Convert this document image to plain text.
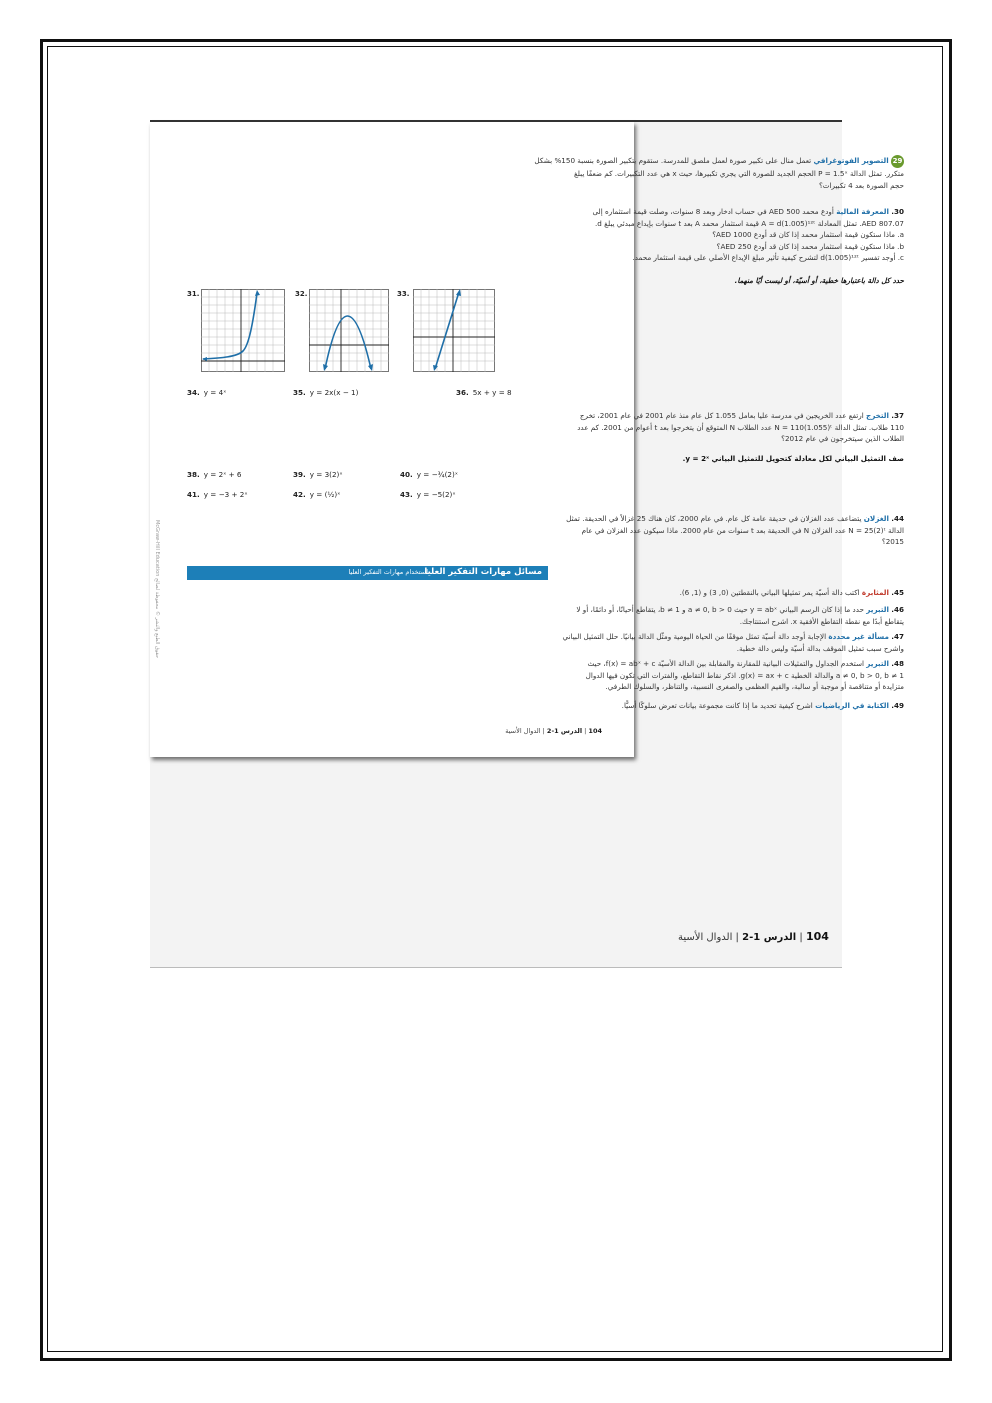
29 التصوير الفوتوغرافي تعمل منال على تكبير صورة لعمل ملصق للمدرسة. ستقوم بتكبير الصورة بنسبة 150% بشكل
متكرر. تمثل الدالة P = 1.5ˣ الحجم الجديد للصورة التي يجري تكبيرها، حيث x هي عدد التكبيرات. كم ضعفًا يبلغ
حجم الصورة بعد 4 تكبيرات؟
30. المعرفة المالية أودع محمد AED 500 في حساب ادخار وبعد 8 سنوات، وصلت قيمة استثماره إلى
AED 807.07. تمثل المعادلة A = d(1.005)¹²ᵗ قيمة استثمار محمد A بعد t سنوات بإيداع مبدئي يبلغ d.
a. ماذا ستكون قيمة استثمار محمد إذا كان قد أودع AED 1000؟
b. ماذا ستكون قيمة استثمار محمد إذا كان قد أودع AED 250؟
c. أوجد تفسير d(1.005)¹²ᵗ لتشرح كيفية تأثير مبلغ الإيداع الأصلي على قيمة استثمار محمد.
حدد كل دالة باعتبارها خطية، أو أسيّة، أو ليست أيًا منهما.
31.	32.	33.
34. y = 4ˣ	35. y = 2x(x − 1)	36. 5x + y = 8
37. التخرج ارتفع عدد الخريجين في مدرسة عليا بعامل 1.055 كل عام منذ عام 2001 في عام 2001، تخرج
110 طلاب. تمثل الدالة N = 110(1.055)ᵗ عدد الطلاب N المتوقع أن يتخرجوا بعد t أعوام من 2001. كم عدد
الطلاب الذين سيتخرجون في عام 2012؟
صف التمثيل البياني لكل معادلة كتحويل للتمثيل البياني y = 2ˣ.
38. y = 2ˣ + 6	39. y = 3(2)ˣ	40. y = −¾(2)ˣ
41. y = −3 + 2ˣ	42. y = (½)ˣ	43. y = −5(2)ˣ
44. الغزلان يتضاعف عدد الغزلان في حديقة عامة كل عام. في عام 2000، كان هناك 25 غزالاً في الحديقة. تمثل
الدالة N = 25(2)ᵗ عدد الغزلان N في الحديقة بعد t سنوات من عام 2000. ماذا سيكون عدد الغزلان في عام
2015؟
McGraw-Hill Education حقوق الطبع والنشر © محفوظة لصالح
مسائل مهارات التفكير العليا
استخدام مهارات التفكير العليا
45. المثابرة اكتب دالة أسيّة يمر تمثيلها البياني بالنقطتين (0, 3) و (1, 6).
46. التبرير حدد ما إذا كان الرسم البياني y = abˣ حيث a ≠ 0, b > 0 و b ≠ 1، يتقاطع أحيانًا، أو دائمًا، أو لا
يتقاطع أبدًا مع نقطة التقاطع الأفقية x. اشرح استنتاجك.
47. مسألة غير محددة الإجابة أوجد دالة أسيّة تمثل موقفًا من الحياة اليومية ومثّل الدالة بيانيًا. حلل التمثيل البياني
واشرح سبب تمثيل الموقف بدالة أسيّة وليس دالة خطية.
48. التبرير استخدم الجداول والتمثيلات البيانية للمقارنة والمقابلة بين الدالة الأسيّة f(x) = abˣ + c، حيث
a ≠ 0, b > 0, b ≠ 1 والدالة الخطية g(x) = ax + c. اذكر نقاط التقاطع، والفترات التي تكون فيها الدوال
متزايدة أو متناقصة أو موجبة أو سالبة، والقيم العظمى والصغرى النسبية، والتناظر، والسلوك الطرفي.
49. الكتابة في الرياضيات اشرح كيفية تحديد ما إذا كانت مجموعة بيانات تعرض سلوكًا أسيًّا.
104 | الدرس 1-2 | الدوال الأسية
104 | الدرس 1-2 | الدوال الأسية
